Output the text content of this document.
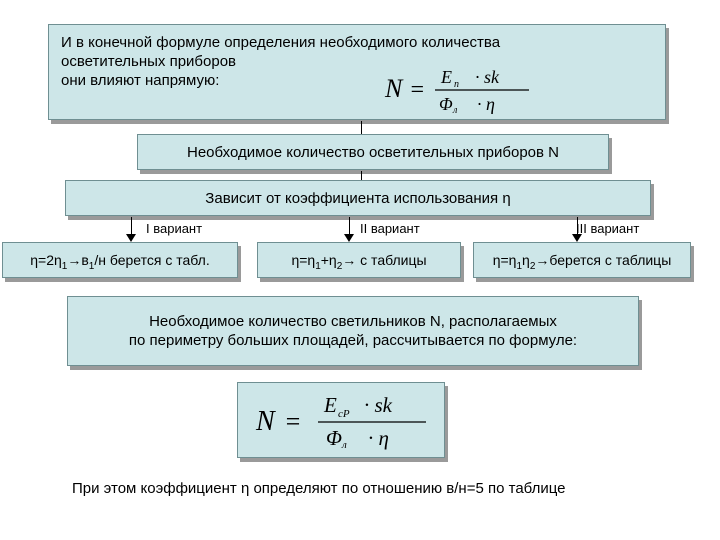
И в конечной формуле определения необходимого количества
осветительных приборов
они влияют напрямую:	N = E п · sk
Φ л · η
Необходимое количество осветительных приборов N
Зависит от коэффициента использования η
I вариант	II вариант	III вариант
$\eta=2\eta_1\to в_1/н$ берется с табл.	$\eta=\eta_1+\eta_2\to с$ таблицы	$\eta=\eta_1\eta_2\to берется$ с таблицы
Необходимое количество светильников N, располагаемых
по периметру больших площадей, рассчитывается по формуле:
N =
E cP · sk
Φ л · η
При этом коэффициент η определяют по отношению в/н=5 по таблице
